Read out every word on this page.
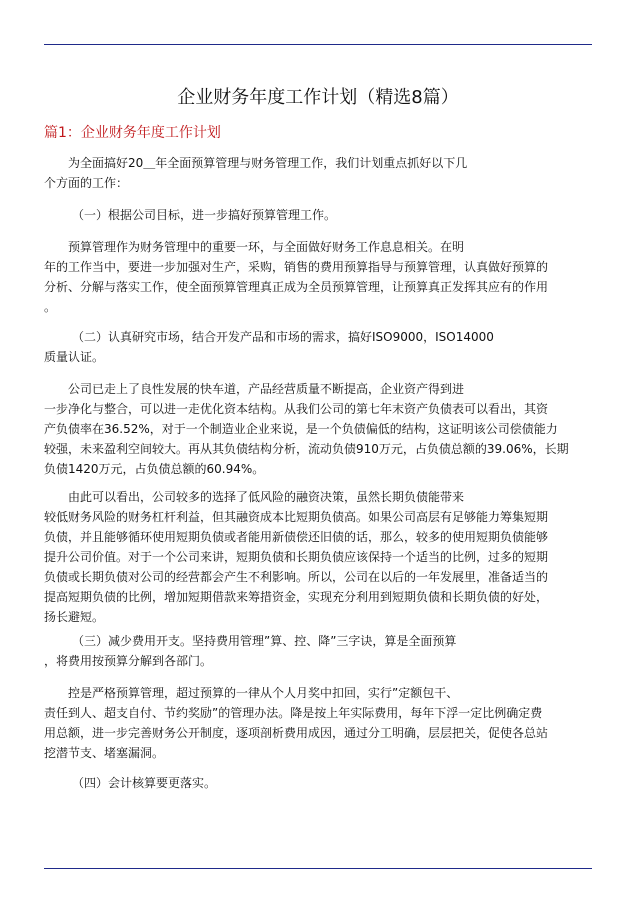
企业财务年度工作计划（精选8篇）
篇1：企业财务年度工作计划
为全面搞好20＿年全面预算管理与财务管理工作，我们计划重点抓好以下几
个方面的工作：
（一）根据公司目标，进一步搞好预算管理工作。
预算管理作为财务管理中的重要一环，与全面做好财务工作息息相关。在明
年的工作当中，要进一步加强对生产，采购，销售的费用预算指导与预算管理，认真做好预算的
分析、分解与落实工作，使全面预算管理真正成为全员预算管理，让预算真正发挥其应有的作用
。
（二）认真研究市场，结合开发产品和市场的需求，搞好ISO9000，ISO14000
质量认证。
公司已走上了良性发展的快车道，产品经营质量不断提高，企业资产得到进
一步净化与整合，可以进一走优化资本结构。从我们公司的第七年末资产负债表可以看出，其资
产负债率在36.52%，对于一个制造业企业来说，是一个负债偏低的结构，这证明该公司偿债能力
较强，未来盈利空间较大。再从其负债结构分析，流动负债910万元，占负债总额的39.06%，长期
负债1420万元，占负债总额的60.94%。
由此可以看出，公司较多的选择了低风险的融资决策，虽然长期负债能带来
较低财务风险的财务杠杆利益，但其融资成本比短期负债高。如果公司高层有足够能力筹集短期
负债，并且能够循环使用短期负债或者能用新债偿还旧债的话，那么，较多的使用短期负债能够
提升公司价值。对于一个公司来讲，短期负债和长期负债应该保持一个适当的比例，过多的短期
负债或长期负债对公司的经营都会产生不利影响。所以，公司在以后的一年发展里，准备适当的
提高短期负债的比例，增加短期借款来筹措资金，实现充分利用到短期负债和长期负债的好处，
扬长避短。
（三）减少费用开支。坚持费用管理”算、控、降”三字诀，算是全面预算
，将费用按预算分解到各部门。
控是严格预算管理，超过预算的一律从个人月奖中扣回，实行”定额包干、
责任到人、超支自付、节约奖励”的管理办法。降是按上年实际费用，每年下浮一定比例确定费
用总额，进一步完善财务公开制度，逐项剖析费用成因，通过分工明确，层层把关，促使各总站
挖潜节支、堵塞漏洞。
（四）会计核算要更落实。
